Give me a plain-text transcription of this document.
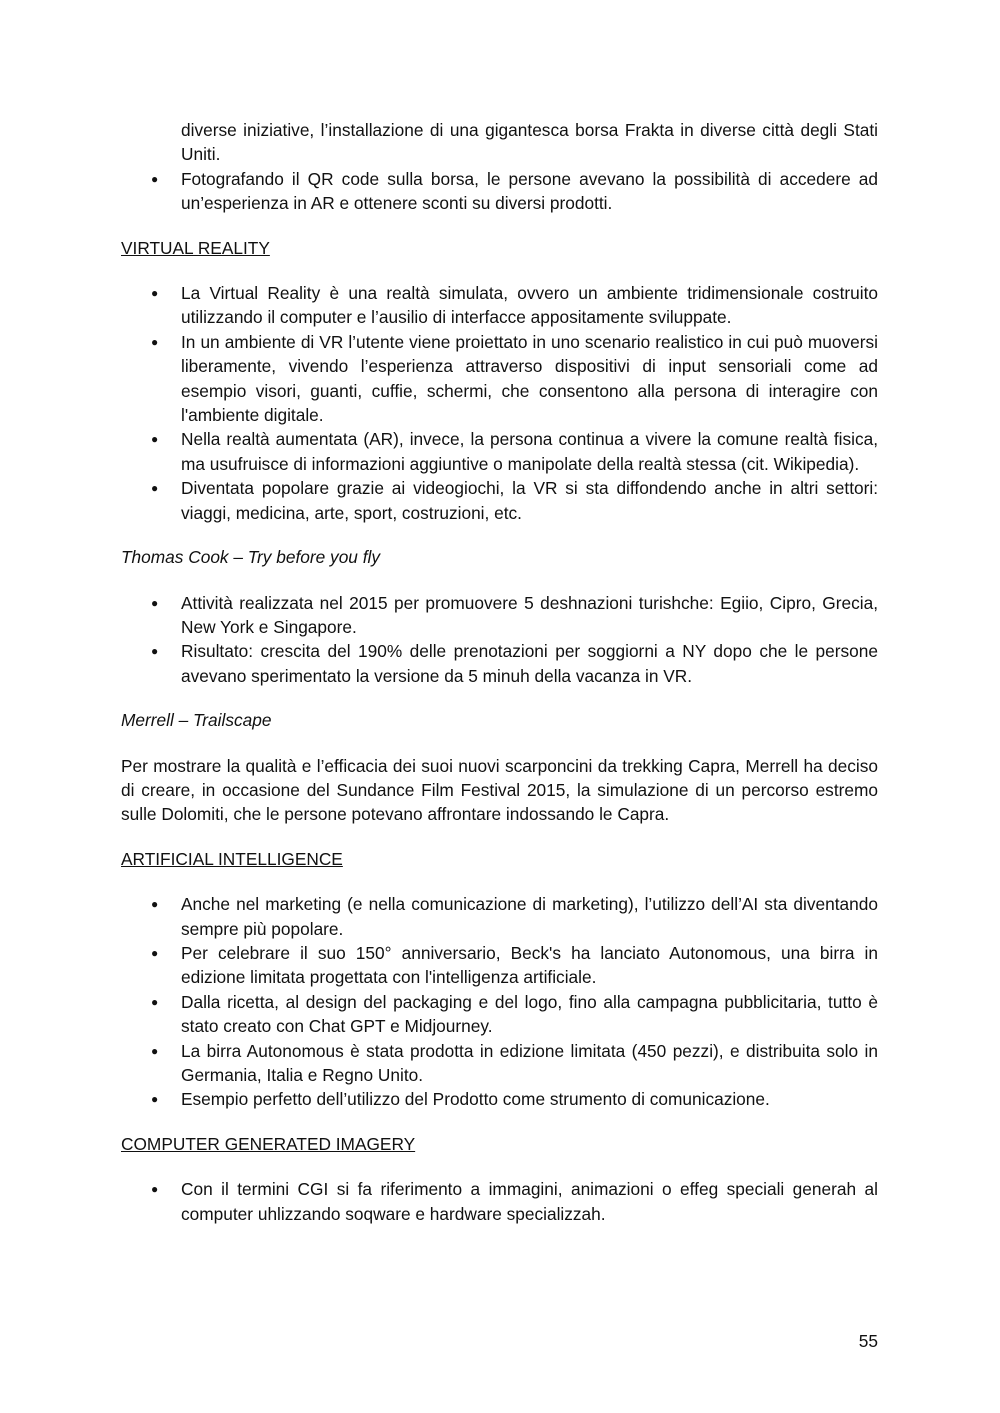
diverse iniziative, l’installazione di una gigantesca borsa Frakta in diverse città degli Stati Uniti.
● Fotografando il QR code sulla borsa, le persone avevano la possibilità di accedere ad un’esperienza in AR e ottenere sconti su diversi prodotti.
VIRTUAL REALITY
● La Virtual Reality è una realtà simulata, ovvero un ambiente tridimensionale costruito utilizzando il computer e l’ausilio di interfacce appositamente sviluppate.
● In un ambiente di VR l’utente viene proiettato in uno scenario realistico in cui può muoversi liberamente, vivendo l’esperienza attraverso dispositivi di input sensoriali come ad esempio visori, guanti, cuffie, schermi, che consentono alla persona di interagire con l'ambiente digitale.
● Nella realtà aumentata (AR), invece, la persona continua a vivere la comune realtà fisica, ma usufruisce di informazioni aggiuntive o manipolate della realtà stessa (cit. Wikipedia).
● Diventata popolare grazie ai videogiochi, la VR si sta diffondendo anche in altri settori: viaggi, medicina, arte, sport, costruzioni, etc.

Thomas Cook – Try before you fly

● Attività realizzata nel 2015 per promuovere 5 deshnazioni turishche: Egiio, Cipro, Grecia, New York e Singapore.
● Risultato: crescita del 190% delle prenotazioni per soggiorni a NY dopo che le persone avevano sperimentato la versione da 5 minuh della vacanza in VR.

Merrell – Trailscape

Per mostrare la qualità e l’efficacia dei suoi nuovi scarponcini da trekking Capra, Merrell ha deciso di creare, in occasione del Sundance Film Festival 2015, la simulazione di un percorso estremo sulle Dolomiti, che le persone potevano affrontare indossando le Capra.

ARTIFICIAL INTELLIGENCE
● Anche nel marketing (e nella comunicazione di marketing), l’utilizzo dell’AI sta diventando sempre più popolare.
● Per celebrare il suo 150° anniversario, Beck's ha lanciato Autonomous, una birra in edizione limitata progettata con l'intelligenza artificiale.
● Dalla ricetta, al design del packaging e del logo, fino alla campagna pubblicitaria, tutto è stato creato con Chat GPT e Midjourney.
● La birra Autonomous è stata prodotta in edizione limitata (450 pezzi), e distribuita solo in Germania, Italia e Regno Unito.
● Esempio perfetto dell’utilizzo del Prodotto come strumento di comunicazione.
COMPUTER GENERATED IMAGERY
● Con il termini CGI si fa riferimento a immagini, animazioni o effeg speciali generah al computer uhlizzando soqware e hardware specializzah.
55
